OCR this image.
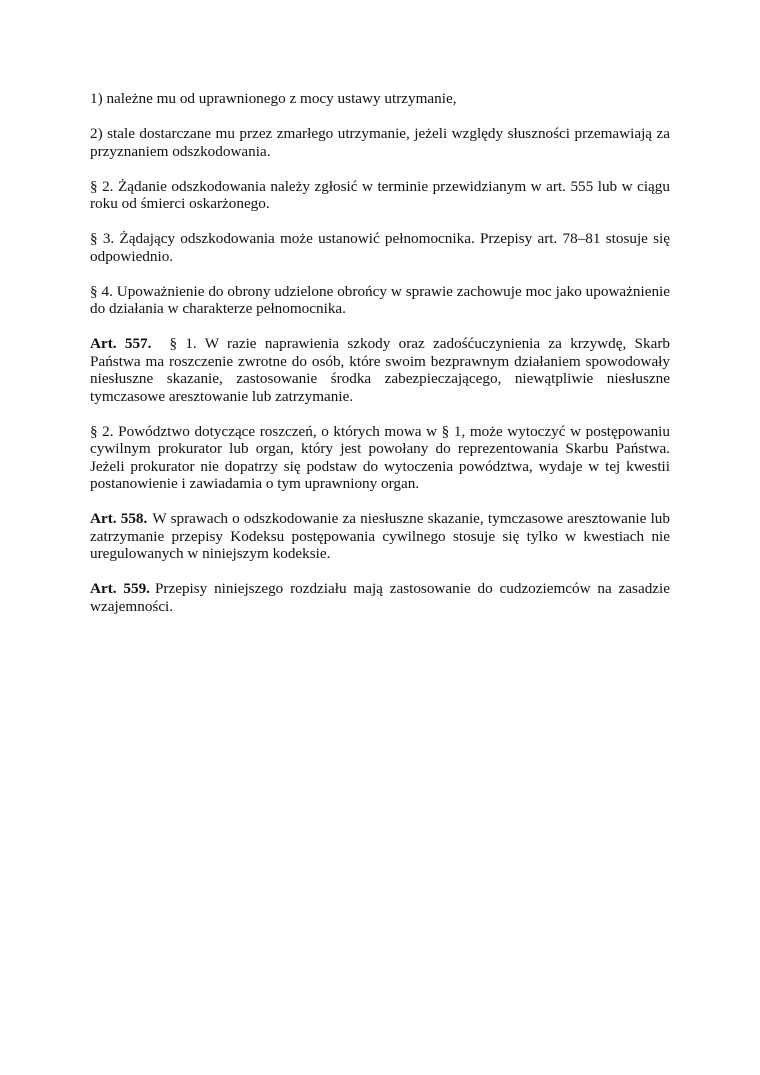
1) należne mu od uprawnionego z mocy ustawy utrzymanie,

2) stale dostarczane mu przez zmarłego utrzymanie, jeżeli względy słuszności przemawiają za przyznaniem odszkodowania.

§ 2. Żądanie odszkodowania należy zgłosić w terminie przewidzianym w art. 555 lub w ciągu roku od śmierci oskarżonego.

§ 3. Żądający odszkodowania może ustanowić pełnomocnika. Przepisy art. 78–81 stosuje się odpowiednio.

§ 4. Upoważnienie do obrony udzielone obrońcy w sprawie zachowuje moc jako upoważnienie do działania w charakterze pełnomocnika.

Art. 557. § 1. W razie naprawienia szkody oraz zadośćuczynienia za krzywdę, Skarb Państwa ma roszczenie zwrotne do osób, które swoim bezprawnym działaniem spowodowały niesłuszne skazanie, zastosowanie środka zabezpieczającego, niewątpliwie niesłuszne tymczasowe aresztowanie lub zatrzymanie.

§ 2. Powództwo dotyczące roszczeń, o których mowa w § 1, może wytoczyć w postępowaniu cywilnym prokurator lub organ, który jest powołany do reprezentowania Skarbu Państwa. Jeżeli prokurator nie dopatrzy się podstaw do wytoczenia powództwa, wydaje w tej kwestii postanowienie i zawiadamia o tym uprawniony organ.

Art. 558. W sprawach o odszkodowanie za niesłuszne skazanie, tymczasowe aresztowanie lub zatrzymanie przepisy Kodeksu postępowania cywilnego stosuje się tylko w kwestiach nie uregulowanych w niniejszym kodeksie.

Art. 559. Przepisy niniejszego rozdziału mają zastosowanie do cudzoziemców na zasadzie wzajemności.
